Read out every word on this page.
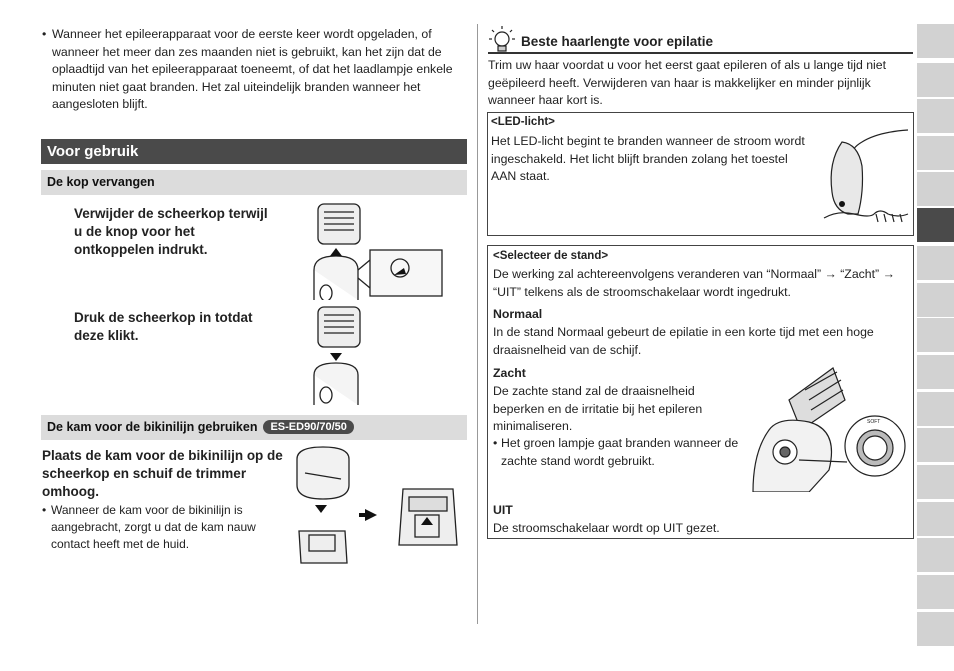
• Wanneer het epileerapparaat voor de eerste keer wordt opgeladen, of wanneer het meer dan zes maanden niet is gebruikt, kan het zijn dat de oplaadtijd van het epileerapparaat toeneemt, of dat het laadlampje enkele minuten niet gaat branden. Het zal uiteindelijk branden wanneer het aangesloten blijft.
Voor gebruik
De kop vervangen
Verwijder de scheerkop terwijl u de knop voor het ontkoppelen indrukt.
Druk de scheerkop in totdat deze klikt.
De kam voor de bikinilijn gebruiken ES-ED90/70/50
Plaats de kam voor de bikinilijn op de scheerkop en schuif de trimmer omhoog.
• Wanneer de kam voor de bikinilijn is aangebracht, zorgt u dat de kam nauw contact heeft met de huid.
Beste haarlengte voor epilatie
Trim uw haar voordat u voor het eerst gaat epileren of als u lange tijd niet geëpileerd heeft. Verwijderen van haar is makkelijker en minder pijnlijk wanneer haar kort is.
<LED-licht>
Het LED-licht begint te branden wanneer de stroom wordt ingeschakeld. Het licht blijft branden zolang het toestel AAN staat.
<Selecteer de stand>
De werking zal achtereenvolgens veranderen van “Normaal” → “Zacht” → “UIT” telkens als de stroomschakelaar wordt ingedrukt.
Normaal
In de stand Normaal gebeurt de epilatie in een korte tijd met een hoge draaisnelheid van de schijf.
Zacht
De zachte stand zal de draaisnelheid beperken en de irritatie bij het epileren minimaliseren.
• Het groen lampje gaat branden wanneer de zachte stand wordt gebruikt.
SOFT
UIT
De stroomschakelaar wordt op UIT gezet.
